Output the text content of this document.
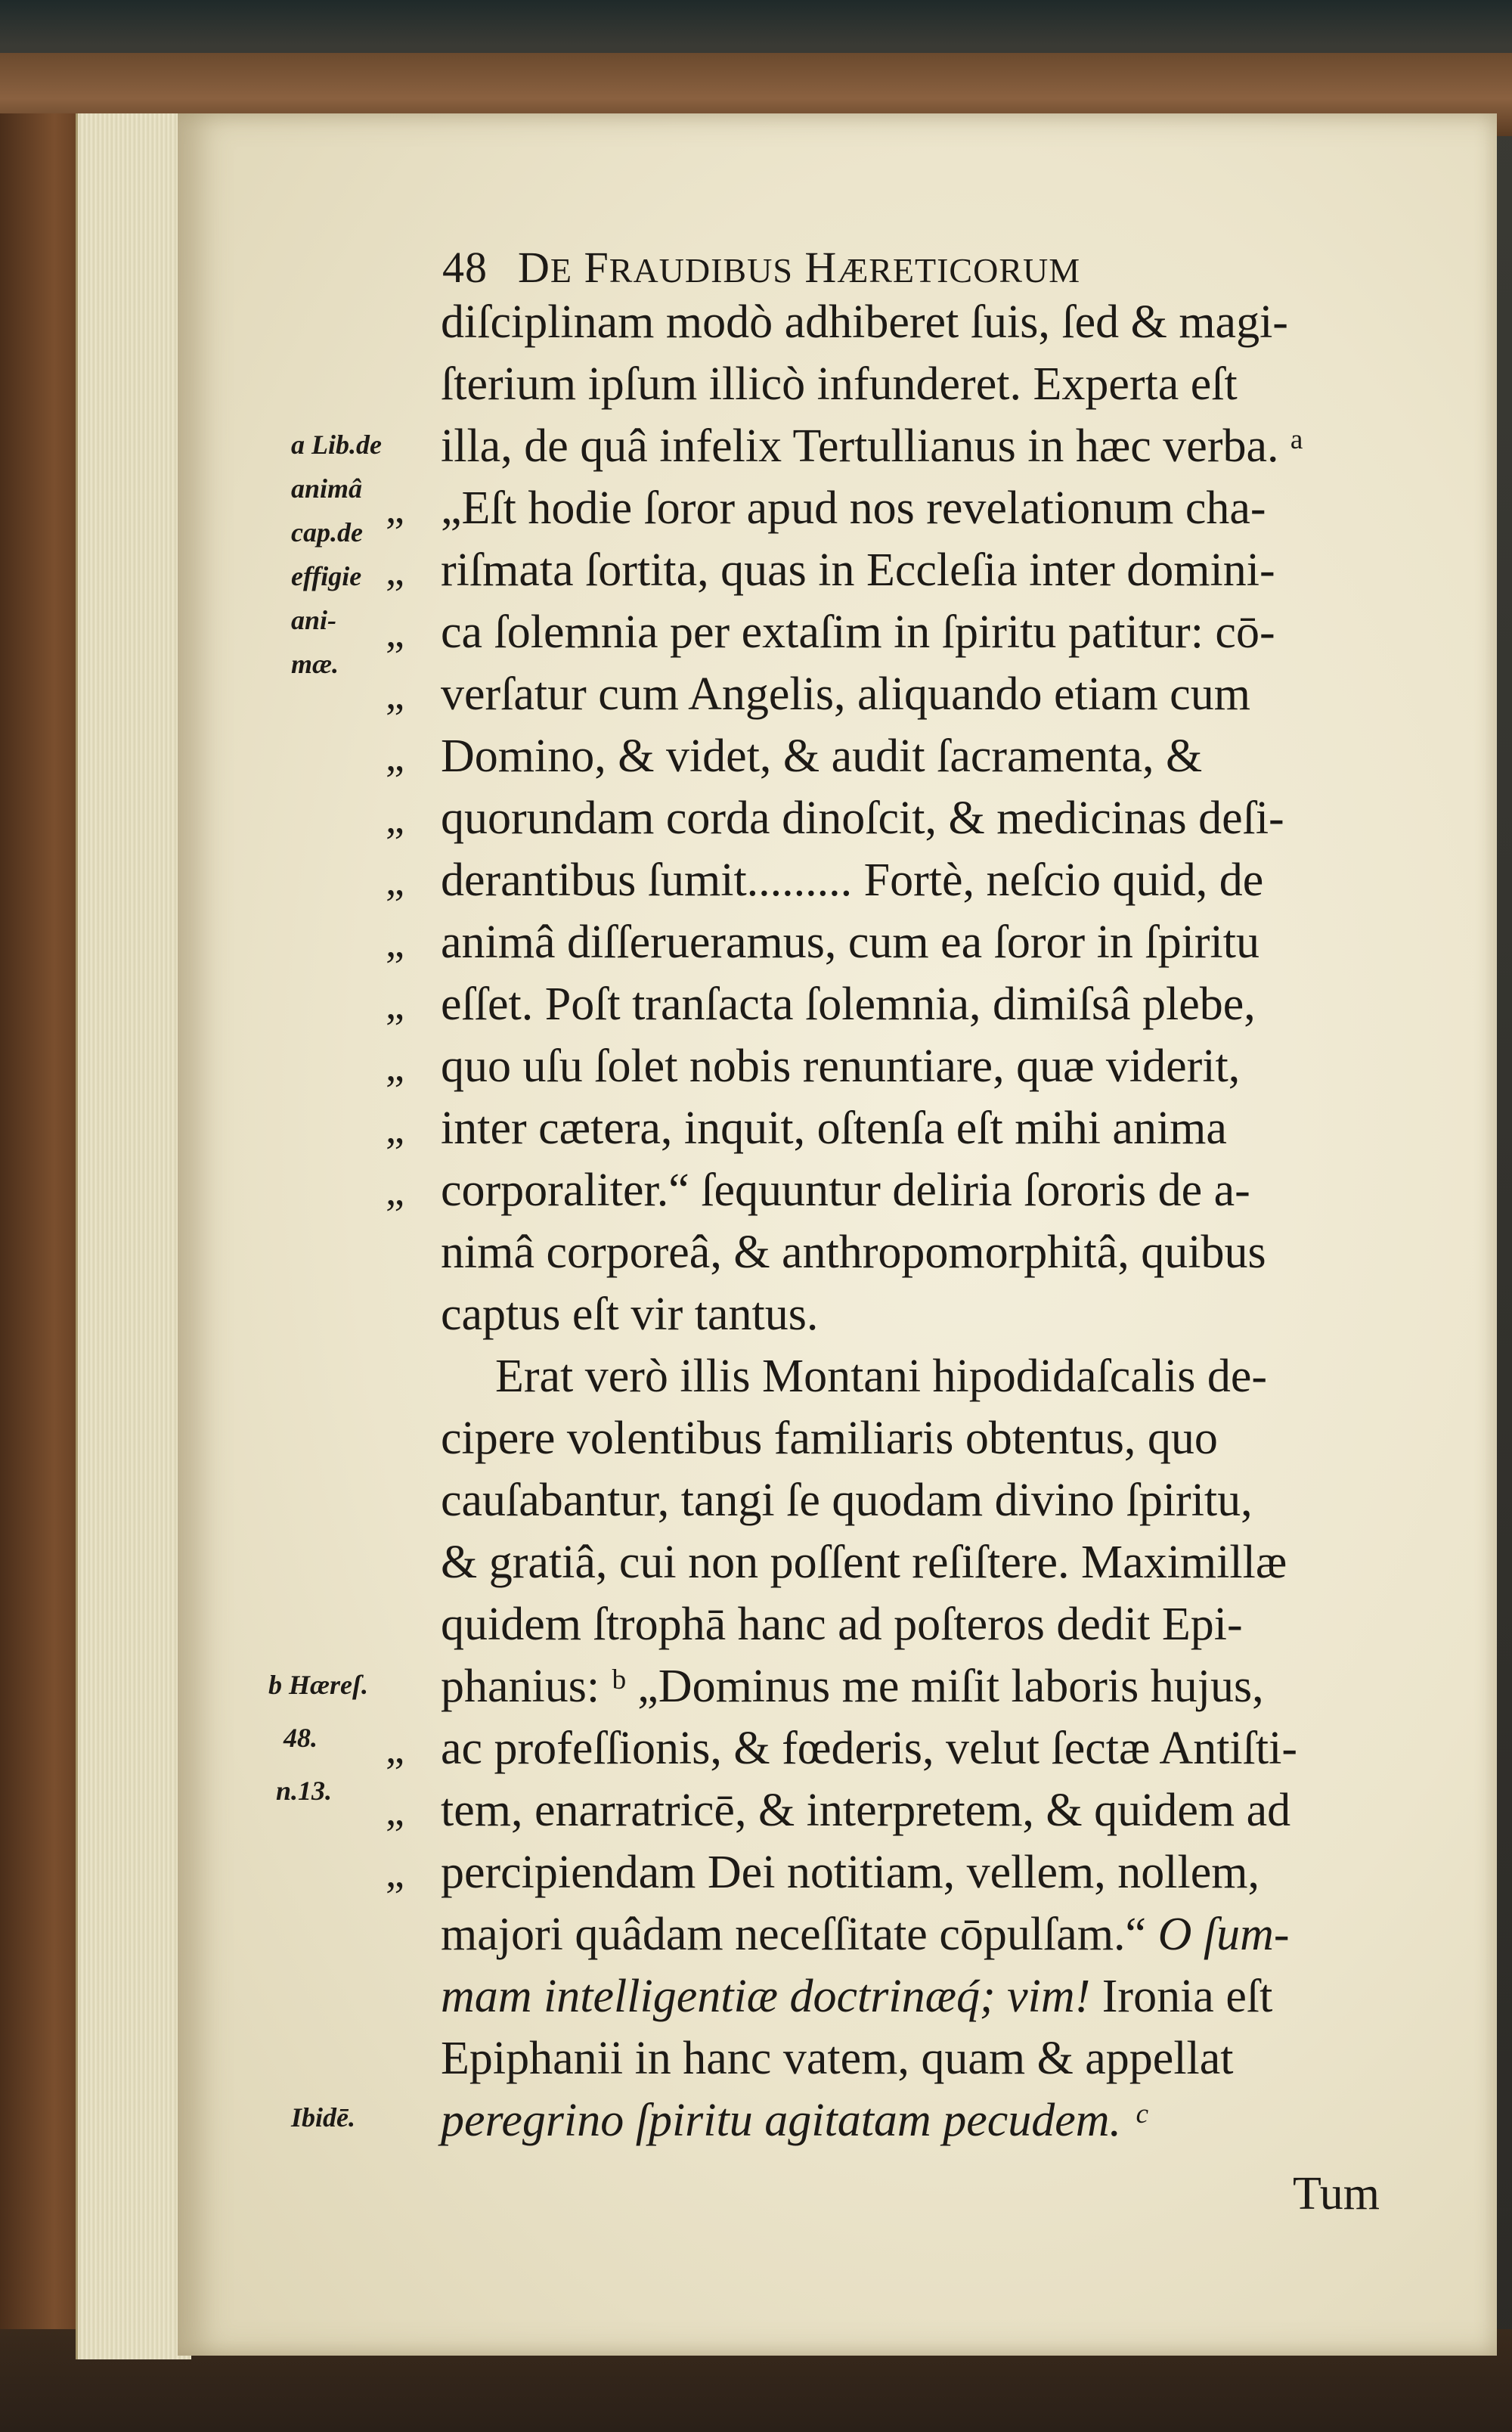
48 DE FRAUDIBUS HÆRETICORUM
diſciplinam modò adhiberet ſuis, ſed & magi-
ſterium ipſum illicò infunderet. Experta eſt
illa, de quâ infelix Tertullianus in hæc verba. ᵃ
„Eſt hodie ſoror apud nos revelationum cha-
riſmata ſortita, quas in Eccleſia inter domini-
ca ſolemnia per extaſim in ſpiritu patitur: cō-
verſatur cum Angelis, aliquando etiam cum
Domino, & videt, & audit ſacramenta, &
quorundam corda dinoſcit, & medicinas deſi-
derantibus ſumit......... Fortè, neſcio quid, de
animâ diſſerueramus, cum ea ſoror in ſpiritu
eſſet. Poſt tranſacta ſolemnia, dimiſsâ plebe,
quo uſu ſolet nobis renuntiare, quæ viderit,
inter cætera, inquit, oſtenſa eſt mihi anima
corporaliter.“ ſequuntur deliria ſororis de a-
nimâ corporeâ, & anthropomorphitâ, quibus
captus eſt vir tantus.
Erat verò illis Montani hipodidaſcalis de-
cipere volentibus familiaris obtentus, quo
cauſabantur, tangi ſe quodam divino ſpiritu,
& gratiâ, cui non poſſent reſiſtere. Maximillæ
quidem ſtrophā hanc ad poſteros dedit Epi-
phanius: ᵇ „Dominus me miſit laboris hujus,
ac profeſſionis, & fœderis, velut ſectæ Antiſti-
tem, enarratricē, & interpretem, & quidem ad
percipiendam Dei notitiam, vellem, nollem,
majori quâdam neceſſitate cōpulſam.“ O ſum-
mam intelligentiæ doctrinæq́; vim! Ironia eſt
Epiphanii in hanc vatem, quam & appellat
peregrino ſpiritu agitatam pecudem. ᶜ
„
„
„
„
„
„
„
„
„
„
„
„
„
„
„
a Lib.de
animâ
cap.de
effigie
ani-
mæ.
b Hæreſ.
48.
n.13.
Ibidē.
Tum
